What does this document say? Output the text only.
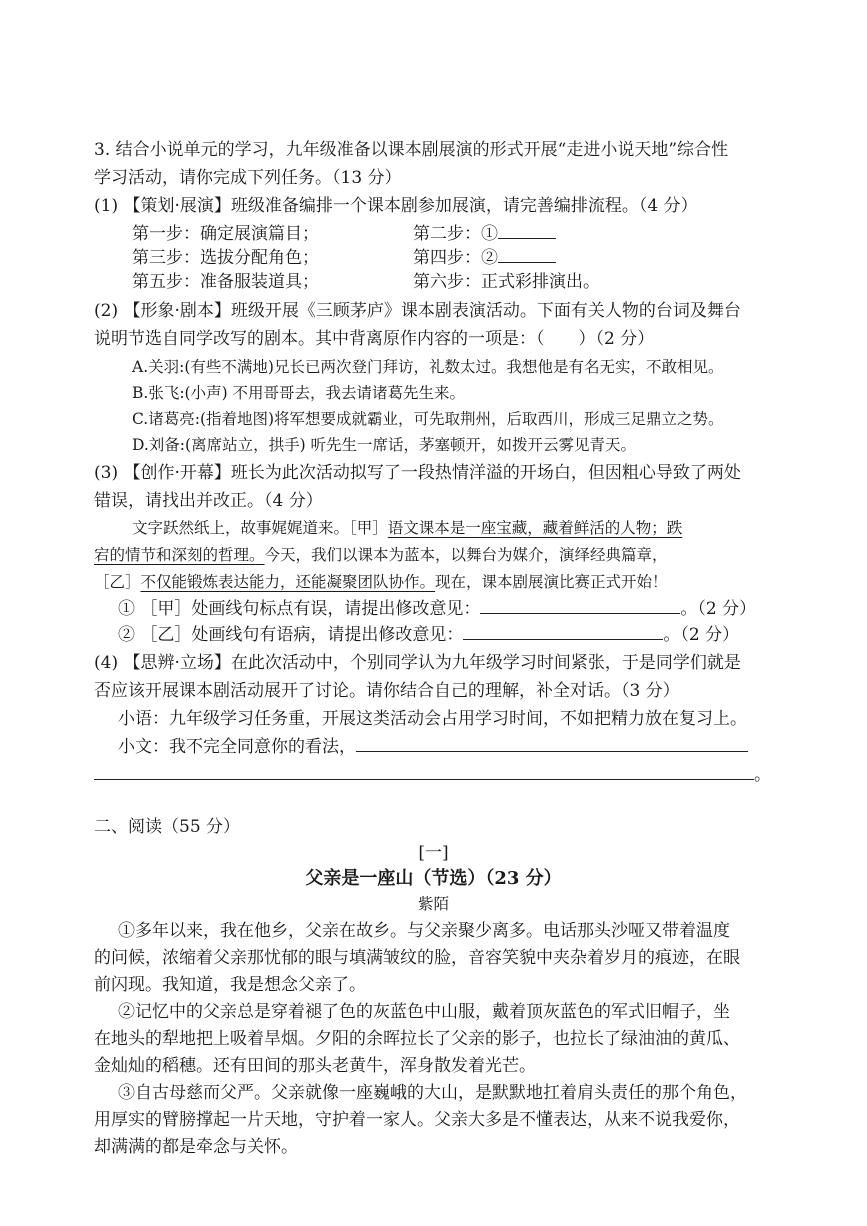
3. 结合小说单元的学习，九年级准备以课本剧展演的形式开展“走进小说天地”综合性
学习活动，请你完成下列任务。（13 分）
(1) 【策划·展演】班级准备编排一个课本剧参加展演，请完善编排流程。（4 分）
第一步：确定展演篇目；	第二步：①
第三步：选拔分配角色；	第四步：②
第五步：准备服装道具；	第六步：正式彩排演出。
(2) 【形象·剧本】班级开展《三顾茅庐》课本剧表演活动。下面有关人物的台词及舞台
说明节选自同学改写的剧本。其中背离原作内容的一项是：（　　）（2 分）
A.关羽:(有些不满地)兄长已两次登门拜访，礼数太过。我想他是有名无实，不敢相见。
B.张飞:(小声) 不用哥哥去，我去请诸葛先生来。
C.诸葛亮:(指着地图)将军想要成就霸业，可先取荆州，后取西川，形成三足鼎立之势。
D.刘备:(离席站立，拱手) 听先生一席话，茅塞顿开，如拨开云雾见青天。
(3) 【创作·开幕】班长为此次活动拟写了一段热情洋溢的开场白，但因粗心导致了两处
错误，请找出并改正。（4 分）
文字跃然纸上，故事娓娓道来。［甲］语文课本是一座宝藏，藏着鲜活的人物；跌
宕的情节和深刻的哲理。今天，我们以课本为蓝本，以舞台为媒介，演绎经典篇章，
［乙］不仅能锻炼表达能力，还能凝聚团队协作。现在，课本剧展演比赛正式开始！
① ［甲］处画线句标点有误，请提出修改意见：	。（2 分）
② ［乙］处画线句有语病，请提出修改意见：	。（2 分）
(4) 【思辨·立场】在此次活动中，个别同学认为九年级学习时间紧张，于是同学们就是
否应该开展课本剧活动展开了讨论。请你结合自己的理解，补全对话。（3 分）
小语：九年级学习任务重，开展这类活动会占用学习时间，不如把精力放在复习上。
小文：我不完全同意你的看法，
。
二、阅读（55 分）
[一]
父亲是一座山（节选）（23 分）
紫陌
①多年以来，我在他乡，父亲在故乡。与父亲聚少离多。电话那头沙哑又带着温度
的问候，浓缩着父亲那忧郁的眼与填满皱纹的脸，音容笑貌中夹杂着岁月的痕迹，在眼
前闪现。我知道，我是想念父亲了。
②记忆中的父亲总是穿着褪了色的灰蓝色中山服，戴着顶灰蓝色的军式旧帽子，坐
在地头的犁地把上吸着旱烟。夕阳的余晖拉长了父亲的影子，也拉长了绿油油的黄瓜、
金灿灿的稻穗。还有田间的那头老黄牛，浑身散发着光芒。
③自古母慈而父严。父亲就像一座巍峨的大山，是默默地扛着肩头责任的那个角色，
用厚实的臂膀撑起一片天地，守护着一家人。父亲大多是不懂表达，从来不说我爱你，
却满满的都是牵念与关怀。
